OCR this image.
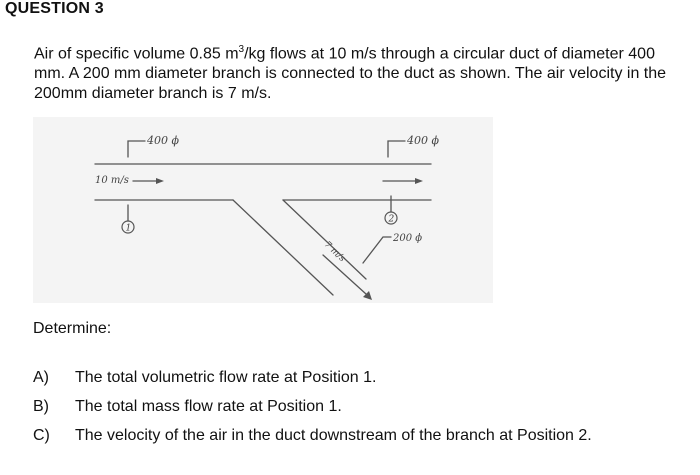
QUESTION 3
Air of specific volume 0.85 $m^3/kg$ flows at 10 m/s through a circular duct of diameter 400 mm. A 200 mm diameter branch is connected to the duct as shown. The air velocity in the 200mm diameter branch is 7 m/s.
400 ϕ	400 ϕ
200 ϕ
10 m/s
7 m/s
1
2
Determine:
A) The total volumetric flow rate at Position 1.
B) The total mass flow rate at Position 1.
C) The velocity of the air in the duct downstream of the branch at Position 2.
